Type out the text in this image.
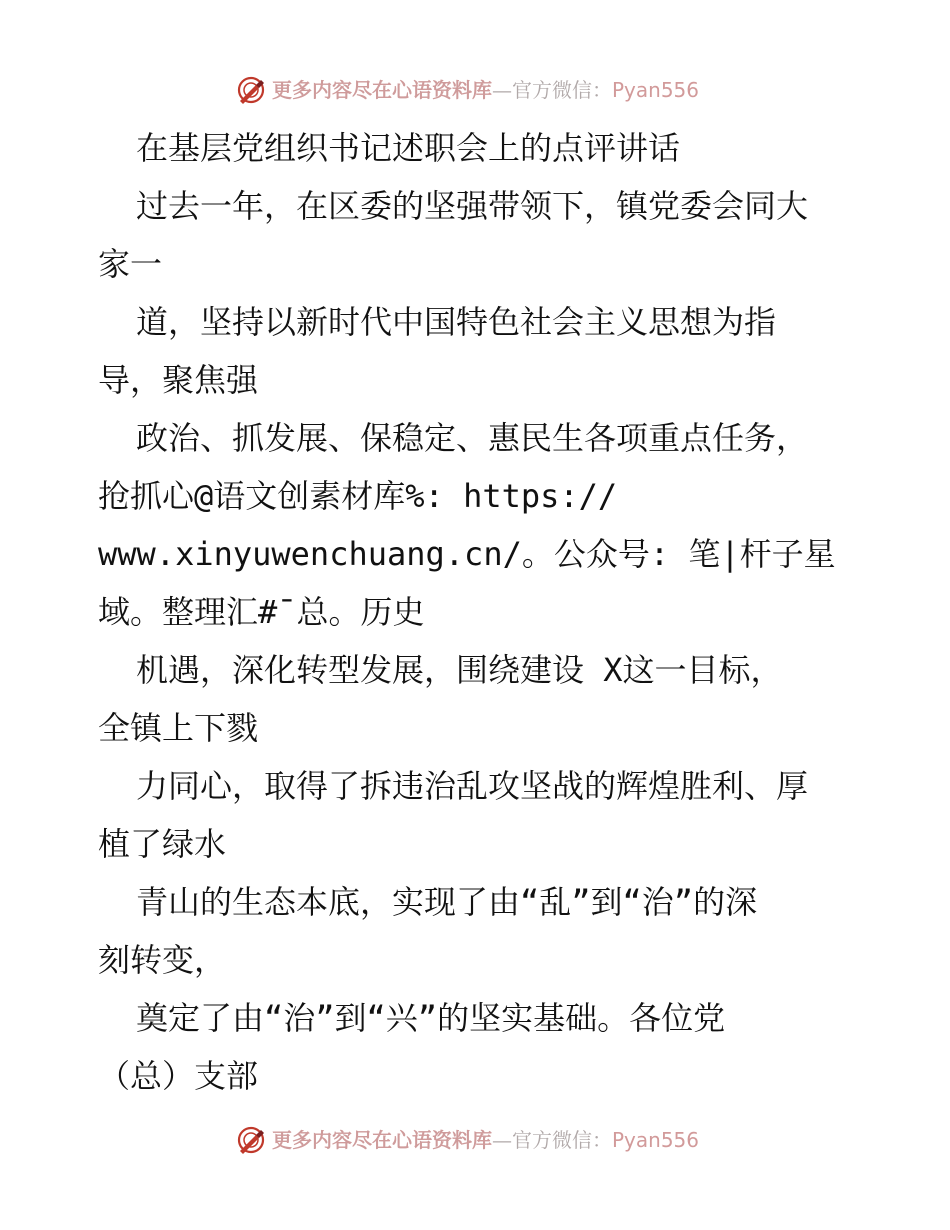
更多内容尽在心语资料库—官方微信：Pyan556
在基层党组织书记述职会上的点评讲话
过去一年，在区委的坚强带领下，镇党委会同大
家一
道，坚持以新时代中国特色社会主义思想为指
导，聚焦强
政治、抓发展、保稳定、惠民生各项重点任务，
抢抓心@语文创素材库%: https://
www.xinyuwenchuang.cn/。公众号: 笔|杆子星
域。整理汇#¯总。历史
机遇，深化转型发展，围绕建设 X这一目标，
全镇上下戮
力同心，取得了拆违治乱攻坚战的辉煌胜利、厚
植了绿水
青山的生态本底，实现了由“乱”到“治”的深
刻转变，
奠定了由“治”到“兴”的坚实基础。各位党
（总）支部
更多内容尽在心语资料库—官方微信：Pyan556
